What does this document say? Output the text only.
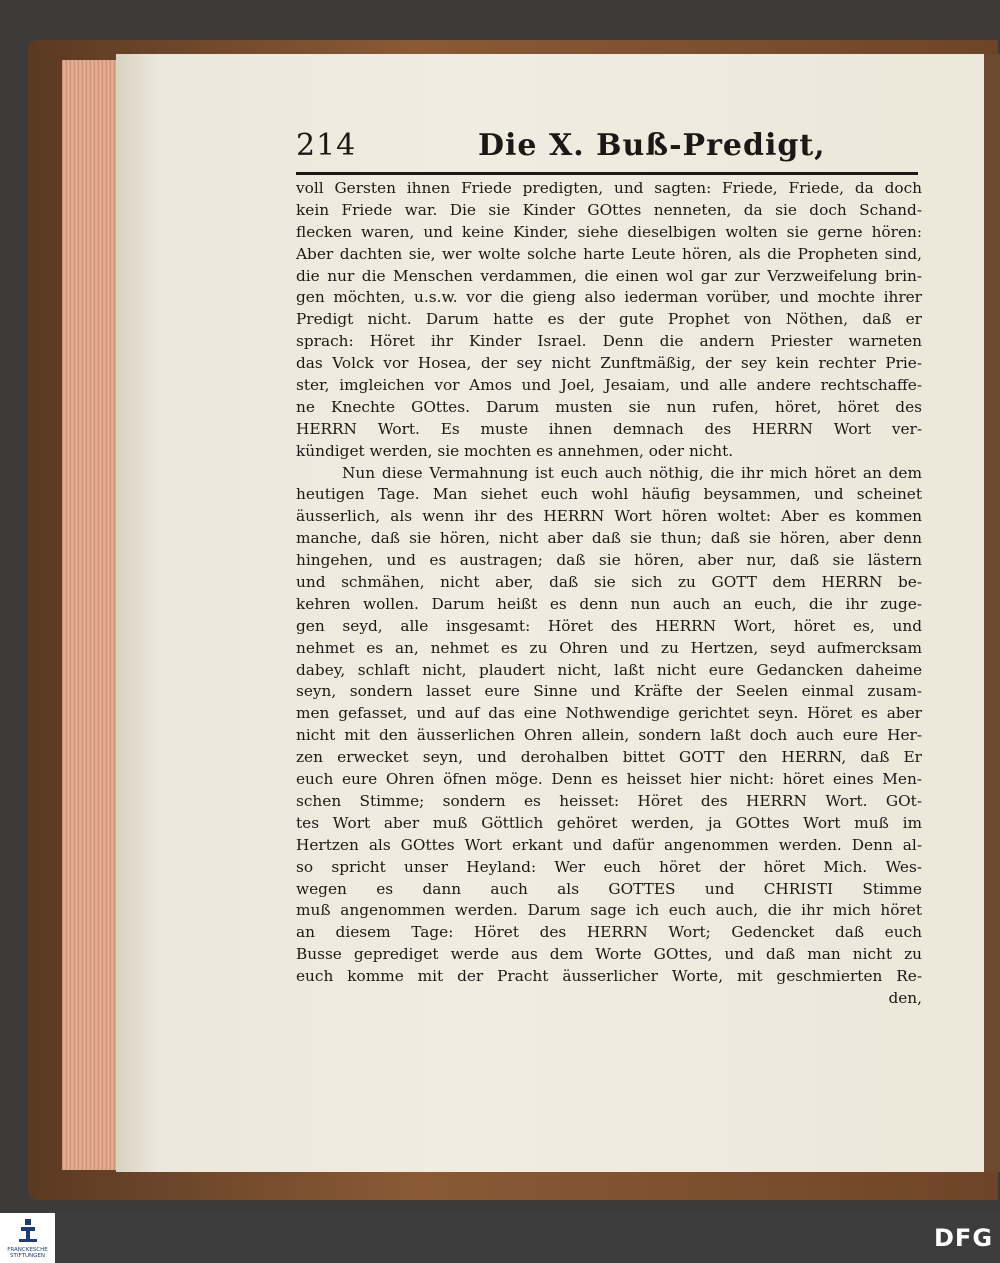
214	Die X. Buß-Predigt,
voll Gersten ihnen Friede predigten, und sagten: Friede, Friede, da doch
kein Friede war. Die sie Kinder GOttes nenneten, da sie doch Schand-
flecken waren, und keine Kinder, siehe dieselbigen wolten sie gerne hören:
Aber dachten sie, wer wolte solche harte Leute hören, als die Propheten sind,
die nur die Menschen verdammen, die einen wol gar zur Verzweifelung brin-
gen möchten, u.s.w. vor die gieng also iederman vorüber, und mochte ihrer
Predigt nicht. Darum hatte es der gute Prophet von Nöthen, daß er
sprach: Höret ihr Kinder Israel. Denn die andern Priester warneten
das Volck vor Hosea, der sey nicht Zunftmäßig, der sey kein rechter Prie-
ster, imgleichen vor Amos und Joel, Jesaiam, und alle andere rechtschaffe-
ne Knechte GOttes. Darum musten sie nun rufen, höret, höret des
HERRN Wort. Es muste ihnen demnach des HERRN Wort ver-
kündiget werden, sie mochten es annehmen, oder nicht.
Nun diese Vermahnung ist euch auch nöthig, die ihr mich höret an dem
heutigen Tage. Man siehet euch wohl häufig beysammen, und scheinet
äusserlich, als wenn ihr des HERRN Wort hören woltet: Aber es kommen
manche, daß sie hören, nicht aber daß sie thun; daß sie hören, aber denn
hingehen, und es austragen; daß sie hören, aber nur, daß sie lästern
und schmähen, nicht aber, daß sie sich zu GOTT dem HERRN be-
kehren wollen. Darum heißt es denn nun auch an euch, die ihr zuge-
gen seyd, alle insgesamt: Höret des HERRN Wort, höret es, und
nehmet es an, nehmet es zu Ohren und zu Hertzen, seyd aufmercksam
dabey, schlaft nicht, plaudert nicht, laßt nicht eure Gedancken daheime
seyn, sondern lasset eure Sinne und Kräfte der Seelen einmal zusam-
men gefasset, und auf das eine Nothwendige gerichtet seyn. Höret es aber
nicht mit den äusserlichen Ohren allein, sondern laßt doch auch eure Her-
zen erwecket seyn, und derohalben bittet GOTT den HERRN, daß Er
euch eure Ohren öfnen möge. Denn es heisset hier nicht: höret eines Men-
schen Stimme; sondern es heisset: Höret des HERRN Wort. GOt-
tes Wort aber muß Göttlich gehöret werden, ja GOttes Wort muß im
Hertzen als GOttes Wort erkant und dafür angenommen werden. Denn al-
so spricht unser Heyland: Wer euch höret der höret Mich. Wes-
wegen es dann auch als GOTTES und CHRISTI Stimme
muß angenommen werden. Darum sage ich euch auch, die ihr mich höret
an diesem Tage: Höret des HERRN Wort; Gedencket daß euch
Busse geprediget werde aus dem Worte GOttes, und daß man nicht zu
euch komme mit der Pracht äusserlicher Worte, mit geschmierten Re-
den,
FRANCKESCHE
STIFTUNGEN
DFG
